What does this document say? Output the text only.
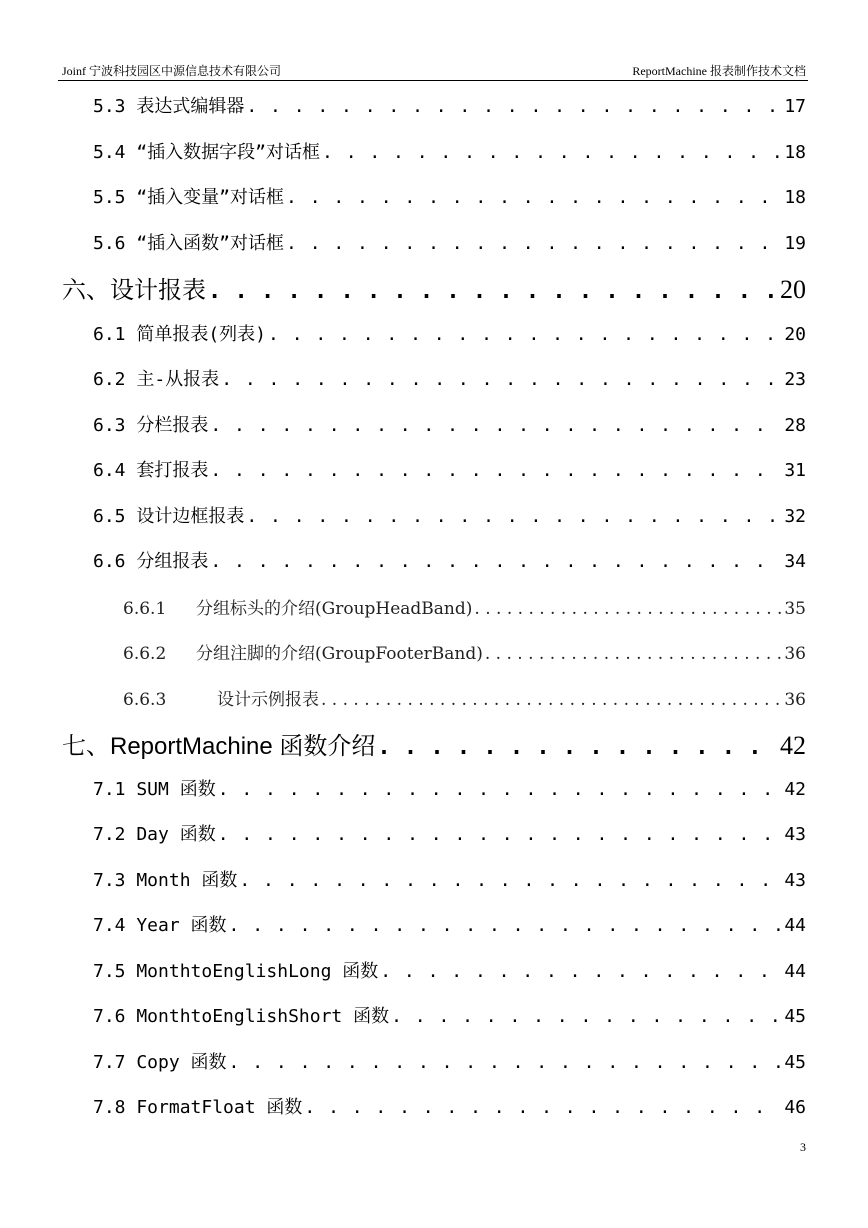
Joinf 宁波科技园区中源信息技术有限公司	ReportMachine 报表制作技术文档
5.3 表达式编辑器 . . .	17
5.4 “插入数据字段”对话框 . . .	18
5.5 “插入变量”对话框 . . .	18
5.6 “插入函数”对话框 . . .	19
六、设计报表 . . .	20
6.1 简单报表(列表) . . .	20
6.2 主-从报表 . . .	23
6.3 分栏报表 . . .	28
6.4 套打报表 . . .	31
6.5 设计边框报表 . . .	32
6.6 分组报表 . . .	34
6.6.1 分组标头的介绍(GroupHeadBand) . . .	35
6.6.2 分组注脚的介绍(GroupFooterBand) . . .	36
6.6.3	设计示例报表 . . .	36
七、ReportMachine 函数介绍 . . .	42
7.1 SUM 函数 . . .	42
7.2 Day 函数 . . .	43
7.3 Month 函数 . . .	43
7.4 Year 函数 . . .	44
7.5 MonthtoEnglishLong 函数 . . .	44
7.6 MonthtoEnglishShort 函数 . . .	45
7.7 Copy 函数 . . .	45
7.8 FormatFloat 函数 . . .	46
3
